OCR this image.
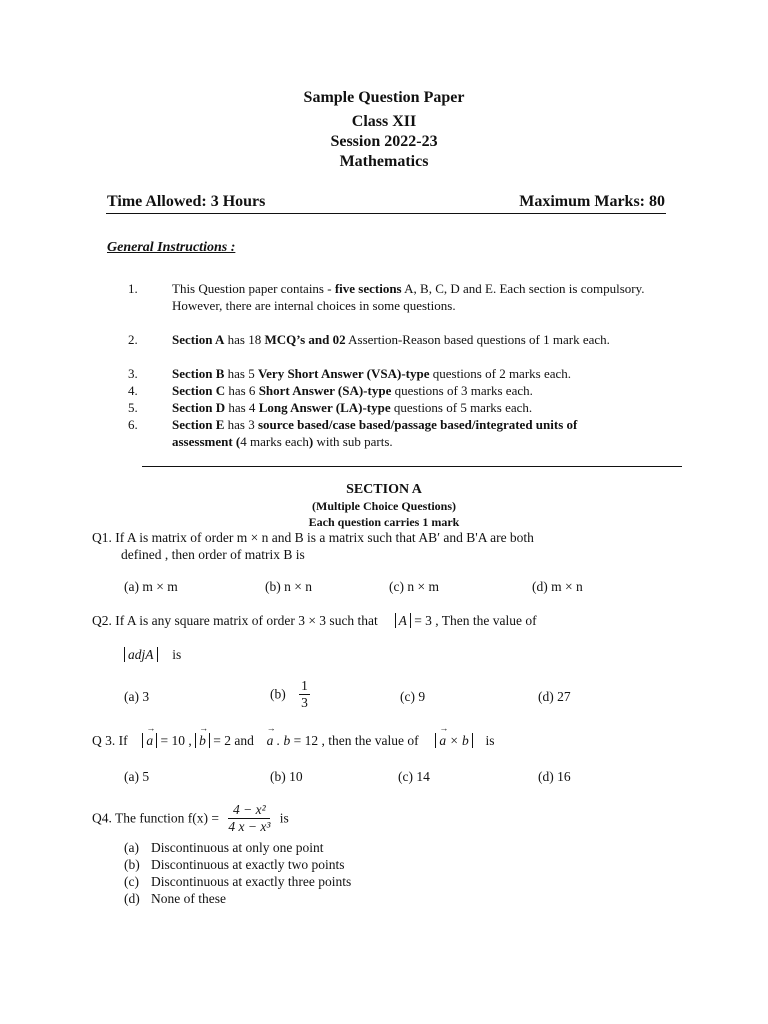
Sample Question Paper
Class XII
Session 2022-23
Mathematics
Time Allowed: 3 Hours	Maximum Marks: 80
General Instructions :
1.	This Question paper contains - five sections A, B, C, D and E. Each section is compulsory. However, there are internal choices in some questions.
2.	Section A has 18 MCQ’s and 02 Assertion-Reason based questions of 1 mark each.
3.	Section B has 5 Very Short Answer (VSA)-type questions of 2 marks each.
4.	Section C has 6 Short Answer (SA)-type questions of 3 marks each.
5.	Section D has 4 Long Answer (LA)-type questions of 5 marks each.
6.	Section E has 3 source based/case based/passage based/integrated units of assessment (4 marks each) with sub parts.
SECTION A
(Multiple Choice Questions)
Each question carries 1 mark
Q1. If A is matrix of order m × n and B is a matrix such that AB′ and B'A are both
defined , then order of matrix B is
(a) m × m	(b) n × n	(c) n × m	(d) m × n
Q2. If A is any square matrix of order 3 × 3 such that A = 3 , Then the value of
adjA is
(a) 3	$(b) \frac{1}{3}$	(c) 9	(d) 27
Q 3. If → a = 10 , → b = 2 and → a . b = 12 , then the value of → a × b is
(a) 5	(b) 10	(c) 14	(d) 16
Q4. The function $f(x) = \frac{\text{4 − x²}}{\text{4 x − x³}}$ is
(a) Discontinuous at only one point
(b) Discontinuous at exactly two points
(c) Discontinuous at exactly three points
(d) None of these
